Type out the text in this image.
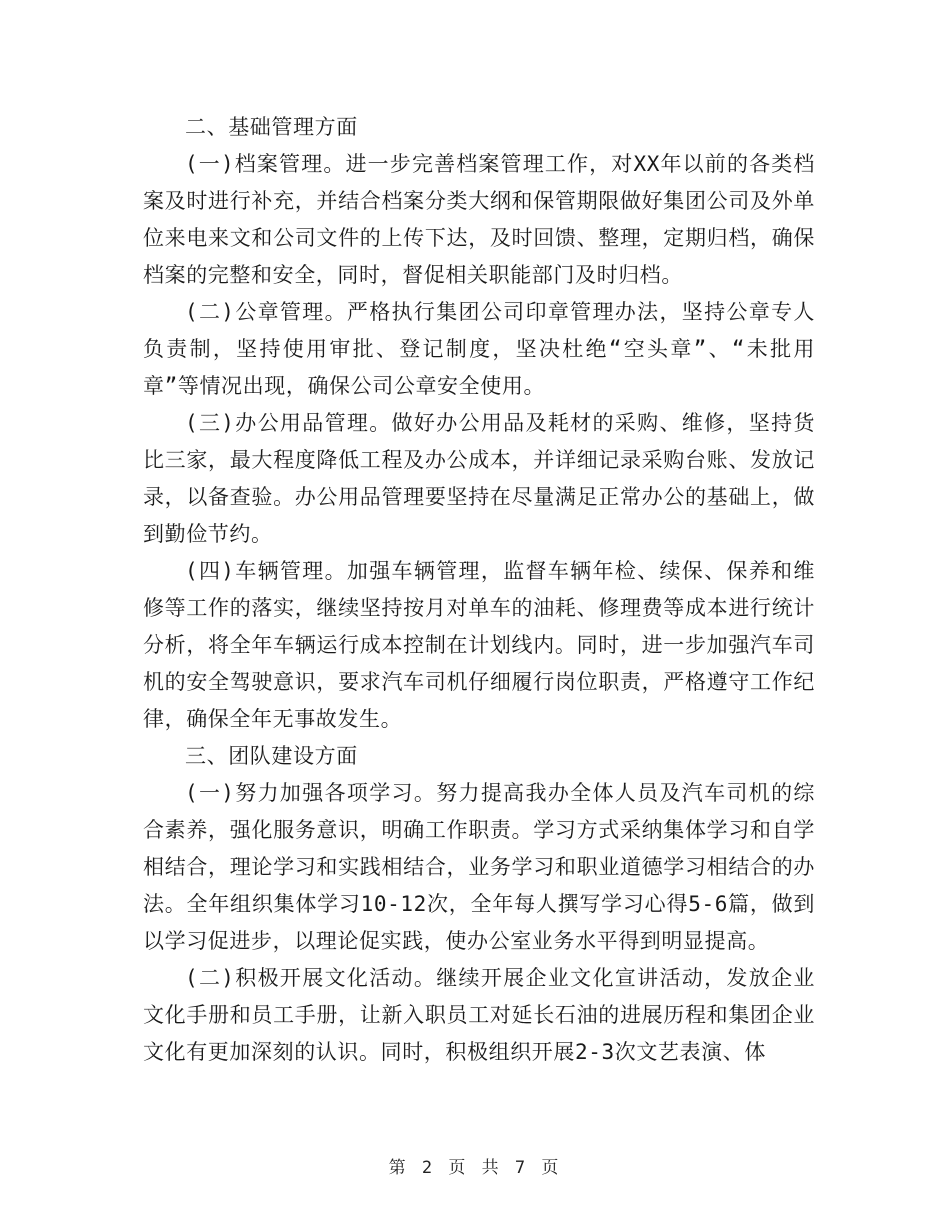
二、基础管理方面

(一)档案管理。进一步完善档案管理工作，对XX年以前的各类档案及时进行补充，并结合档案分类大纲和保管期限做好集团公司及外单位来电来文和公司文件的上传下达，及时回馈、整理，定期归档，确保档案的完整和安全，同时，督促相关职能部门及时归档。

(二)公章管理。严格执行集团公司印章管理办法，坚持公章专人负责制，坚持使用审批、登记制度，坚决杜绝“空头章”、“未批用章”等情况出现，确保公司公章安全使用。

(三)办公用品管理。做好办公用品及耗材的采购、维修，坚持货比三家，最大程度降低工程及办公成本，并详细记录采购台账、发放记录，以备查验。办公用品管理要坚持在尽量满足正常办公的基础上，做到勤俭节约。

(四)车辆管理。加强车辆管理，监督车辆年检、续保、保养和维修等工作的落实，继续坚持按月对单车的油耗、修理费等成本进行统计分析，将全年车辆运行成本控制在计划线内。同时，进一步加强汽车司机的安全驾驶意识，要求汽车司机仔细履行岗位职责，严格遵守工作纪律，确保全年无事故发生。

三、团队建设方面

(一)努力加强各项学习。努力提高我办全体人员及汽车司机的综合素养，强化服务意识，明确工作职责。学习方式采纳集体学习和自学相结合，理论学习和实践相结合，业务学习和职业道德学习相结合的办法。全年组织集体学习10-12次，全年每人撰写学习心得5-6篇，做到以学习促进步，以理论促实践，使办公室业务水平得到明显提高。

(二)积极开展文化活动。继续开展企业文化宣讲活动，发放企业文化手册和员工手册，让新入职员工对延长石油的进展历程和集团企业文化有更加深刻的认识。同时，积极组织开展2-3次文艺表演、体

第 2 页 共 7 页
